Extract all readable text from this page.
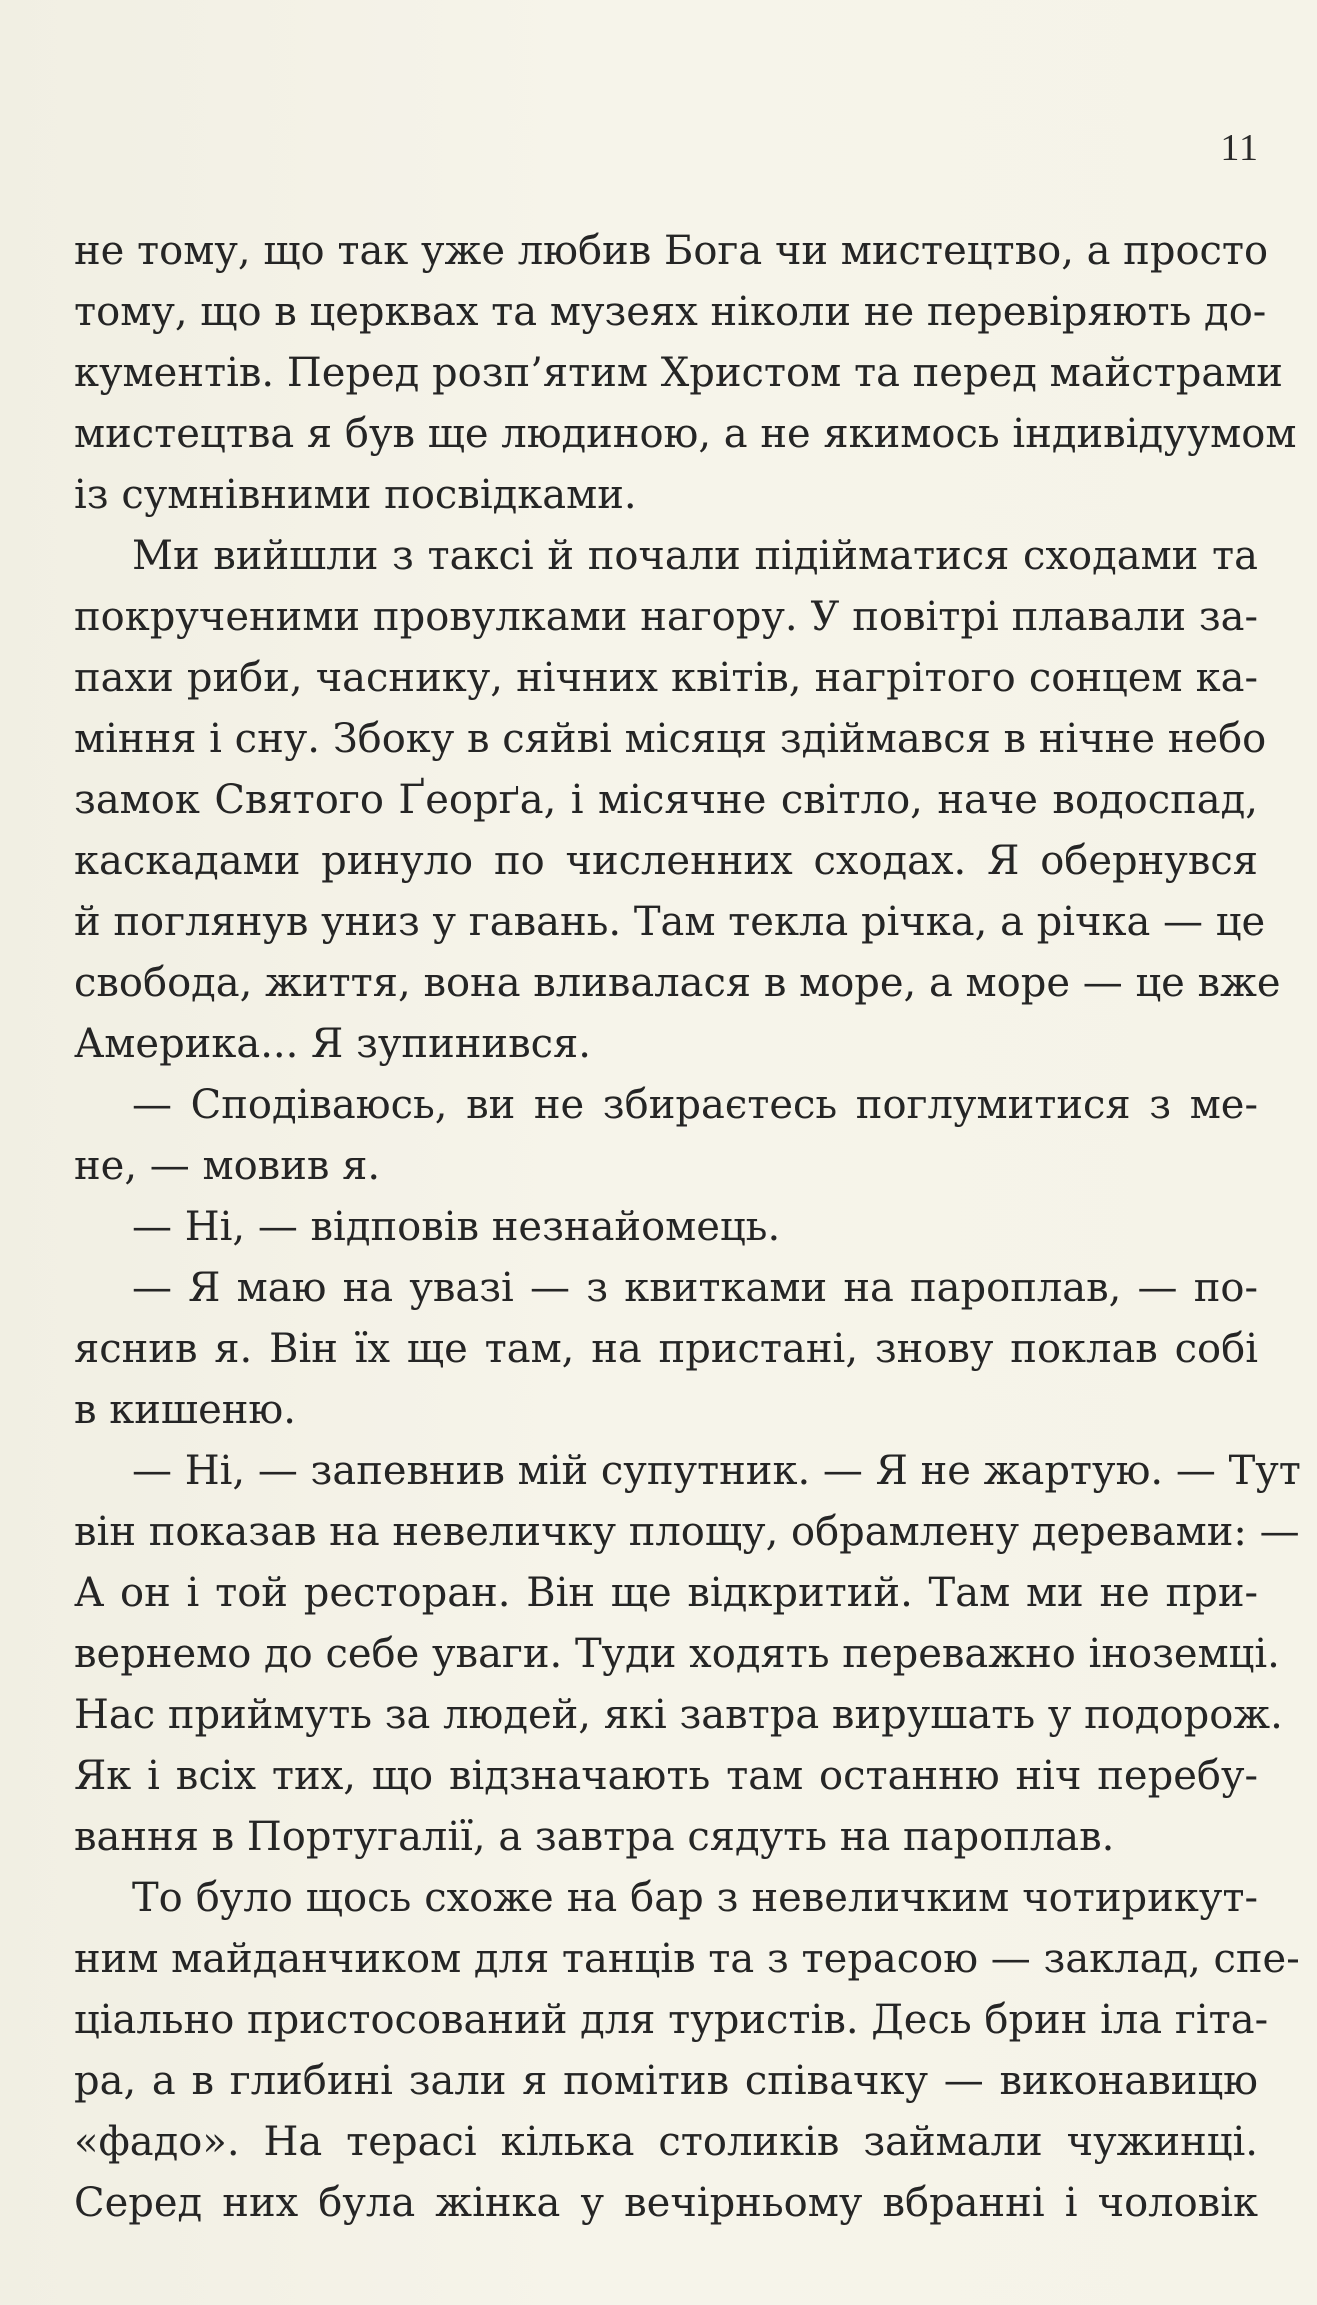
11
не тому, що так уже любив Бога чи мистецтво, а просто
тому, що в церквах та музеях ніколи не перевіряють до-
кументів. Перед розп’ятим Христом та перед майстрами
мистецтва я був ще людиною, а не якимось індивідуумом
із сумнівними посвідками.
Ми вийшли з таксі й почали підійматися сходами та
покрученими провулками нагору. У повітрі плавали за-
пахи риби, часнику, нічних квітів, нагрітого сонцем ка-
міння і сну. Збоку в сяйві місяця здіймався в нічне небо
замок Святого Ґеорґа, і місячне світло, наче водоспад,
каскадами ринуло по численних сходах. Я обернувся
й поглянув униз у гавань. Там текла річка, а річка — це
свобода, життя, вона вливалася в море, а море — це вже
Америка... Я зупинився.
— Сподіваюсь, ви не збираєтесь поглумитися з ме-
не, — мовив я.
— Ні, — відповів незнайомець.
— Я маю на увазі — з квитками на пароплав, — по-
яснив я. Він їх ще там, на пристані, знову поклав собі
в кишеню.
— Ні, — запевнив мій супутник. — Я не жартую. — Тут
він показав на невеличку площу, обрамлену деревами: —
А он і той ресторан. Він ще відкритий. Там ми не при-
вернемо до себе уваги. Туди ходять переважно іноземці.
Нас приймуть за людей, які завтра вирушать у подорож.
Як і всіх тих, що відзначають там останню ніч перебу-
вання в Португалії, а завтра сядуть на пароплав.
То було щось схоже на бар з невеличким чотирикут-
ним майданчиком для танців та з терасою — заклад, спе-
ціально пристосований для туристів. Десь брин іла гіта-
ра, а в глибині зали я помітив співачку — виконавицю
«фадо». На терасі кілька столиків займали чужинці.
Серед них була жінка у вечірньому вбранні і чоловік
